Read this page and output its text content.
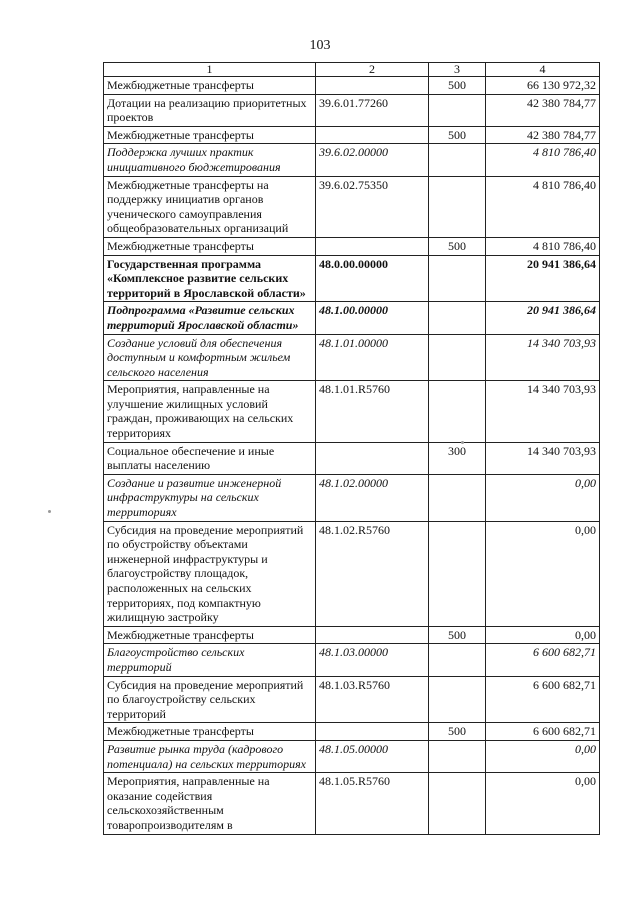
103
1	2	3	4
Межбюджетные трансферты		500	66 130 972,32
Дотации на реализацию приоритетных проектов	39.6.01.77260		42 380 784,77
Межбюджетные трансферты		500	42 380 784,77
Поддержка лучших практик инициативного бюджетирования	39.6.02.00000		4 810 786,40
Межбюджетные трансферты на поддержку инициатив органов ученического самоуправления общеобразовательных организаций	39.6.02.75350		4 810 786,40
Межбюджетные трансферты		500	4 810 786,40
Государственная программа «Комплексное развитие сельских территорий в Ярославской области»	48.0.00.00000		20 941 386,64
Подпрограмма «Развитие сельских территорий Ярославской области»	48.1.00.00000		20 941 386,64
Создание условий для обеспечения доступным и комфортным жильем сельского населения	48.1.01.00000		14 340 703,93
Мероприятия, направленные на улучшение жилищных условий граждан, проживающих на сельских территориях	48.1.01.R5760		14 340 703,93
Социальное обеспечение и иные выплаты населению		300	14 340 703,93
Создание и развитие инженерной инфраструктуры на сельских территориях	48.1.02.00000		0,00
Субсидия на проведение мероприятий по обустройству объектами инженерной инфраструктуры и благоустройству площадок, расположенных на сельских территориях, под компактную жилищную застройку	48.1.02.R5760		0,00
Межбюджетные трансферты		500	0,00
Благоустройство сельских территорий	48.1.03.00000		6 600 682,71
Субсидия на проведение мероприятий по благоустройству сельских территорий	48.1.03.R5760		6 600 682,71
Межбюджетные трансферты		500	6 600 682,71
Развитие рынка труда (кадрового потенциала) на сельских территориях	48.1.05.00000		0,00
Мероприятия, направленные на оказание содействия сельскохозяйственным товаропроизводителям в	48.1.05.R5760		0,00
